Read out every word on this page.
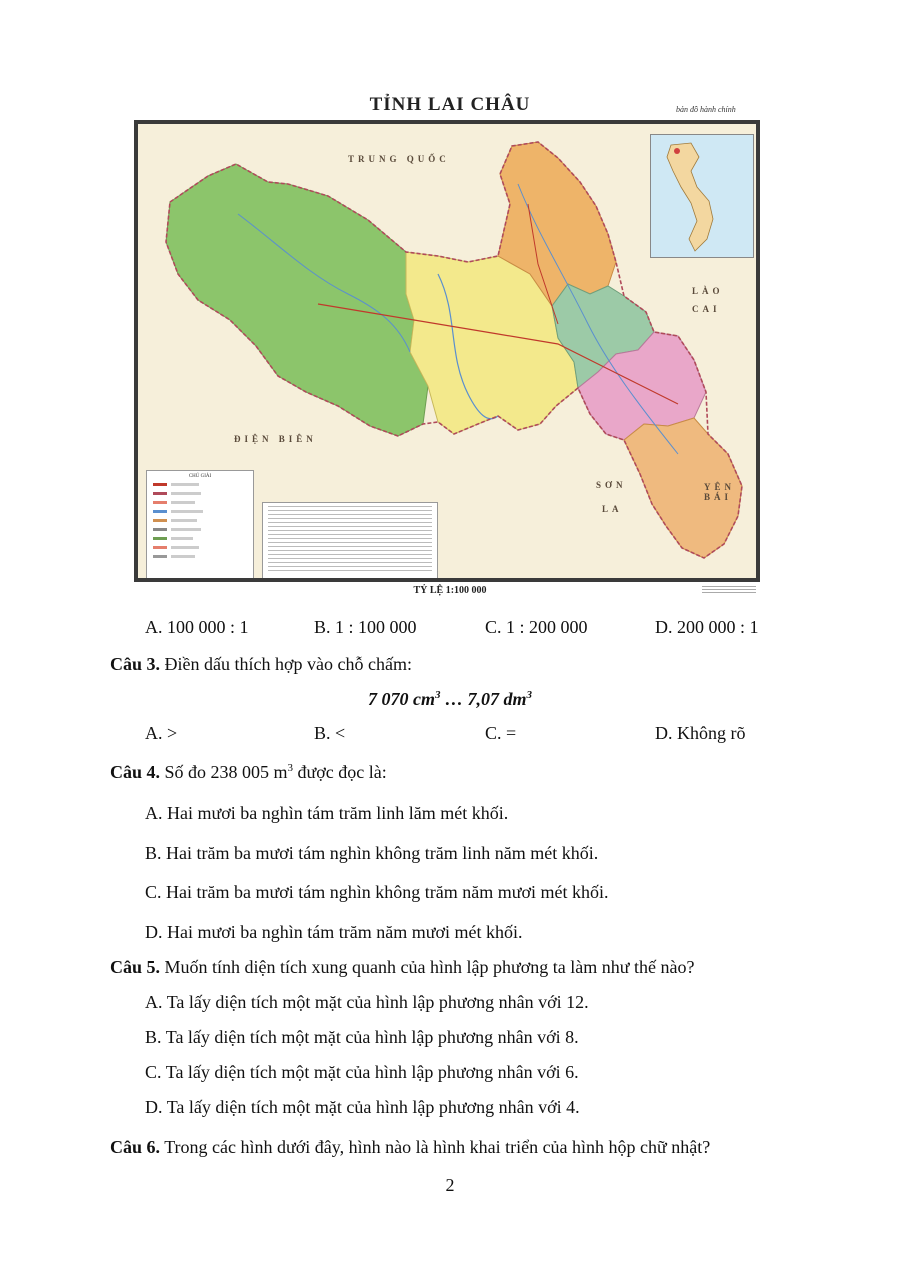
TỈNH LAI CHÂU	bản đồ hành chính
TRUNG QUỐC
LÀO
CAI
ĐIỆN BIÊN
SƠN
LA
YÊN BÁI
CHÚ GIẢI
TỶ LỆ 1:100 000
A. 100 000 : 1	B. 1 : 100 000	C. 1 : 200 000	D. 200 000 : 1
Câu 3. Điền dấu thích hợp vào chỗ chấm:
7 070 $cm^3$ … 7,07 $dm^3$
A. >	B. <	C. =	D. Không rõ
Câu 4. Số đo 238 005 $m^3$ được đọc là:
A. Hai mươi ba nghìn tám trăm linh lăm mét khối.
B. Hai trăm ba mươi tám nghìn không trăm linh năm mét khối.
C. Hai trăm ba mươi tám nghìn không trăm năm mươi mét khối.
D. Hai mươi ba nghìn tám trăm năm mươi mét khối.
Câu 5. Muốn tính diện tích xung quanh của hình lập phương ta làm như thế nào?
A. Ta lấy diện tích một mặt của hình lập phương nhân với 12.
B. Ta lấy diện tích một mặt của hình lập phương nhân với 8.
C. Ta lấy diện tích một mặt của hình lập phương nhân với 6.
D. Ta lấy diện tích một mặt của hình lập phương nhân với 4.
Câu 6. Trong các hình dưới đây, hình nào là hình khai triển của hình hộp chữ nhật?
2
